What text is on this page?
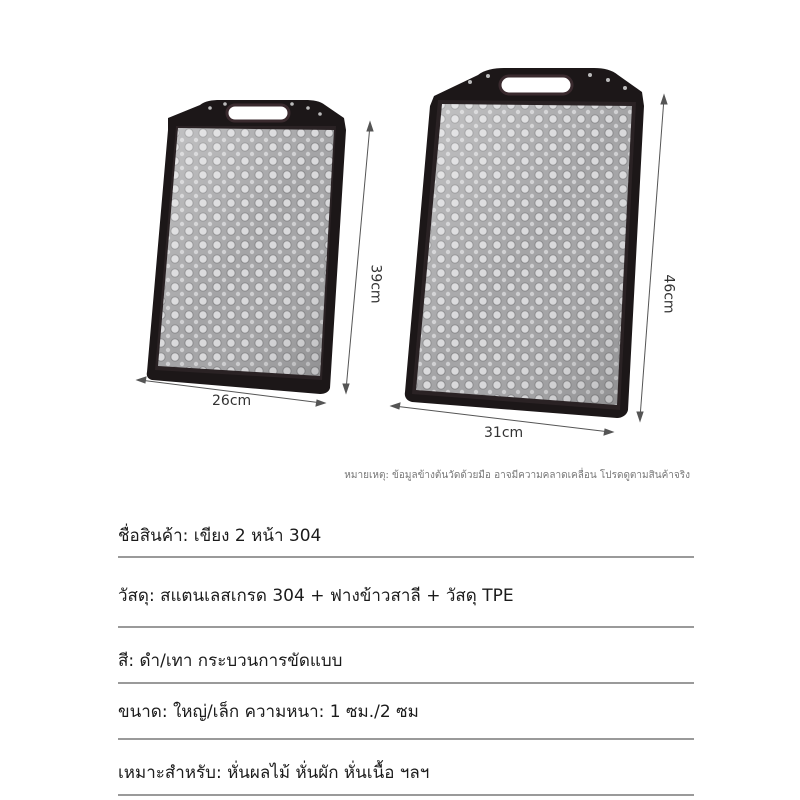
39cm
26cm
46cm
31cm
หมายเหตุ: ข้อมูลข้างต้นวัดด้วยมือ อาจมีความคลาดเคลื่อน โปรดดูตามสินค้าจริง
ชื่อสินค้า: เขียง 2 หน้า 304
วัสดุ: สแตนเลสเกรด 304 + ฟางข้าวสาลี + วัสดุ TPE
สี: ดำ/เทา กระบวนการขัดแบบ
ขนาด: ใหญ่/เล็ก ความหนา: 1 ซม./2 ซม
เหมาะสำหรับ: หั่นผลไม้ หั่นผัก หั่นเนื้อ ฯลฯ
